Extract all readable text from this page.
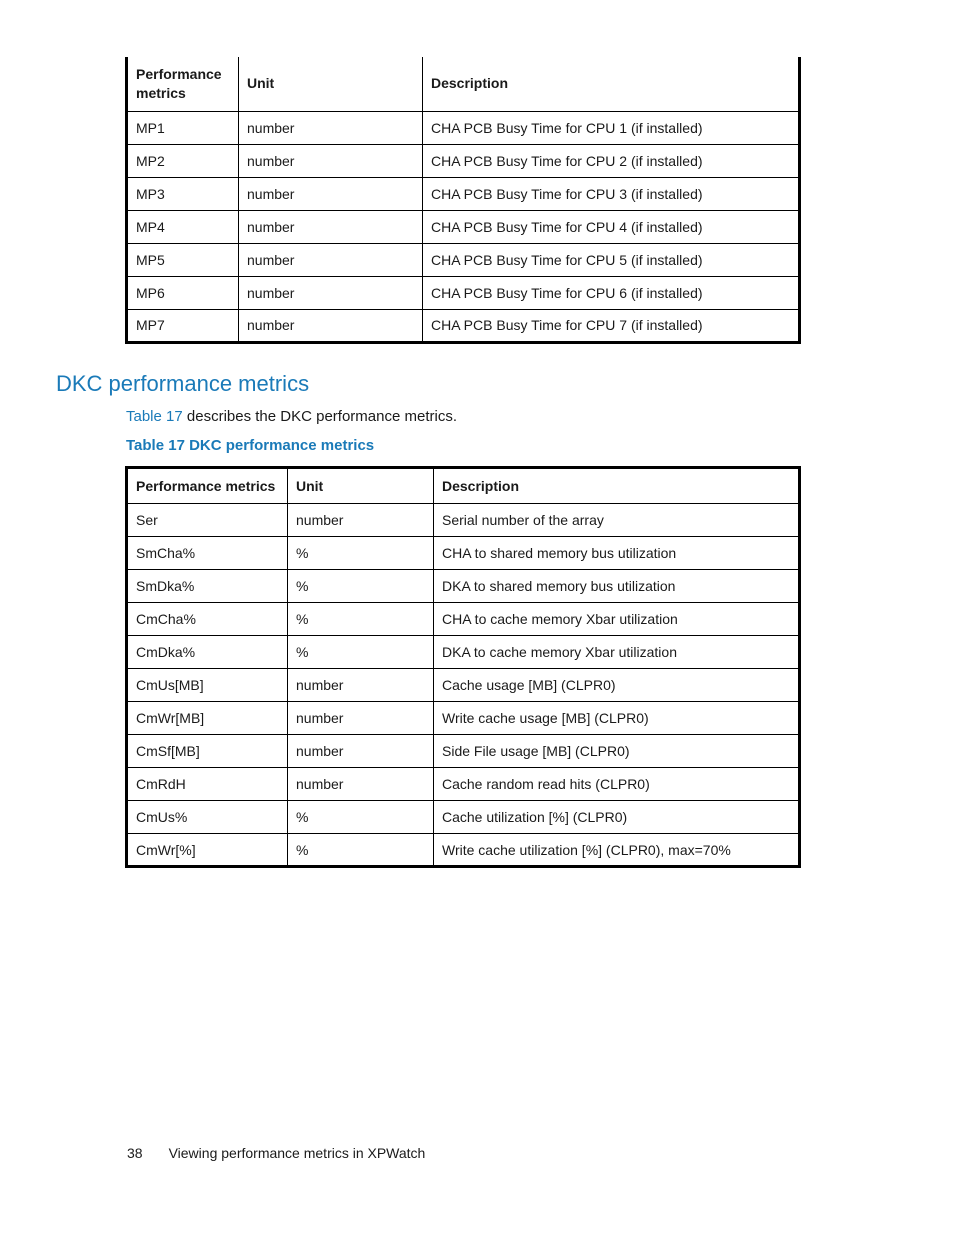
Performance metrics	Unit	Description
MP1	number	CHA PCB Busy Time for CPU 1 (if installed)
MP2	number	CHA PCB Busy Time for CPU 2 (if installed)
MP3	number	CHA PCB Busy Time for CPU 3 (if installed)
MP4	number	CHA PCB Busy Time for CPU 4 (if installed)
MP5	number	CHA PCB Busy Time for CPU 5 (if installed)
MP6	number	CHA PCB Busy Time for CPU 6 (if installed)
MP7	number	CHA PCB Busy Time for CPU 7 (if installed)
DKC performance metrics

Table 17 describes the DKC performance metrics.

Table 17 DKC performance metrics

Performance metrics	Unit	Description
Ser	number	Serial number of the array
SmCha%	%	CHA to shared memory bus utilization
SmDka%	%	DKA to shared memory bus utilization
CmCha%	%	CHA to cache memory Xbar utilization
CmDka%	%	DKA to cache memory Xbar utilization
CmUs[MB]	number	Cache usage [MB] (CLPR0)
CmWr[MB]	number	Write cache usage [MB] (CLPR0)
CmSf[MB]	number	Side File usage [MB] (CLPR0)
CmRdH	number	Cache random read hits (CLPR0)
CmUs%	%	Cache utilization [%] (CLPR0)
CmWr[%]	%	Write cache utilization [%] (CLPR0), max=70%
38 Viewing performance metrics in XPWatch
